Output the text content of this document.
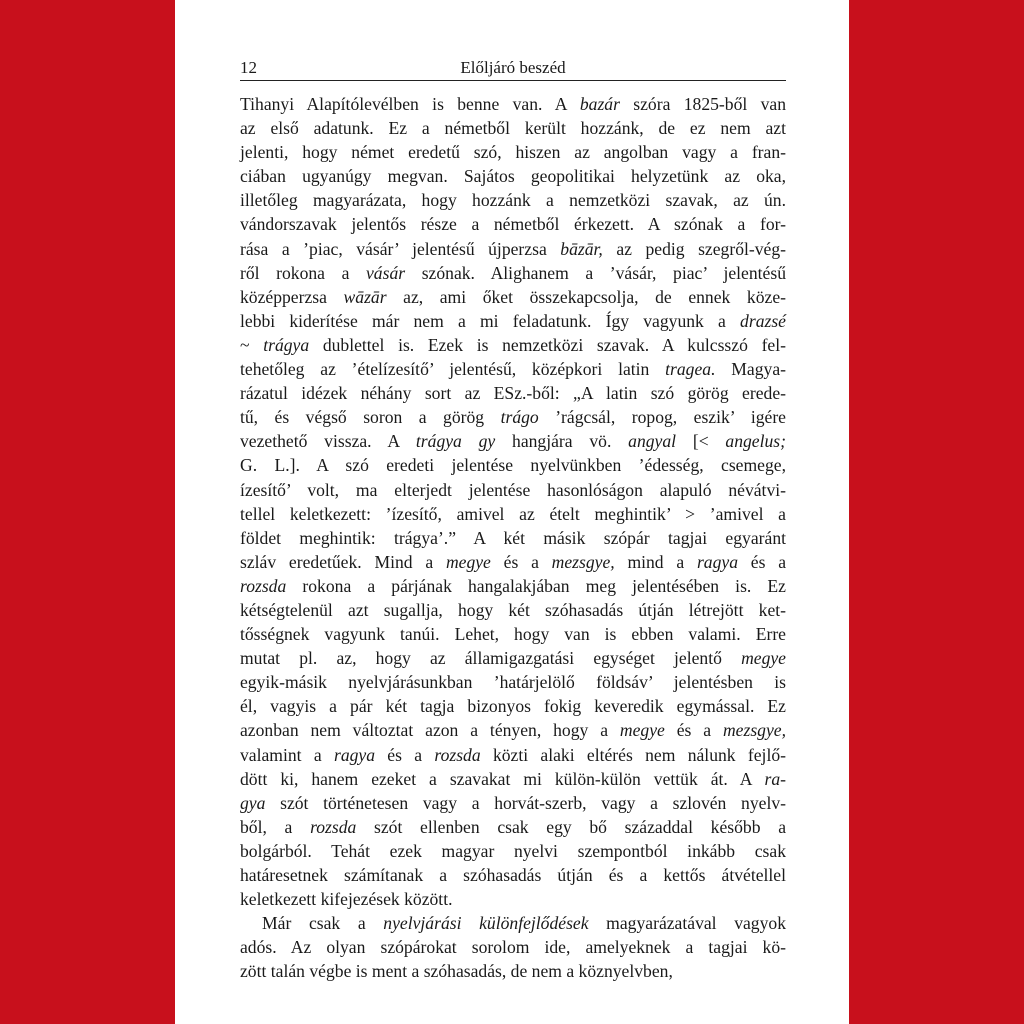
12	Előljáró beszéd
Tihanyi Alapítólevélben is benne van. A bazár szóra 1825-ből van
az első adatunk. Ez a németből került hozzánk, de ez nem azt
jelenti, hogy német eredetű szó, hiszen az angolban vagy a fran-
ciában ugyanúgy megvan. Sajátos geopolitikai helyzetünk az oka,
illetőleg magyarázata, hogy hozzánk a nemzetközi szavak, az ún.
vándorszavak jelentős része a németből érkezett. A szónak a for-
rása a ’piac, vásár’ jelentésű újperzsa bāzār, az pedig szegről-vég-
ről rokona a vásár szónak. Alighanem a ’vásár, piac’ jelentésű
középperzsa wāzār az, ami őket összekapcsolja, de ennek köze-
lebbi kiderítése már nem a mi feladatunk. Így vagyunk a drazsé
~ trágya dublettel is. Ezek is nemzetközi szavak. A kulcsszó fel-
tehetőleg az ’ételízesítő’ jelentésű, középkori latin tragea. Magya-
rázatul idézek néhány sort az ESz.-ből: „A latin szó görög erede-
tű, és végső soron a görög trágo ’rágcsál, ropog, eszik’ igére
vezethető vissza. A trágya gy hangjára vö. angyal [< angelus;
G. L.]. A szó eredeti jelentése nyelvünkben ’édesség, csemege,
ízesítő’ volt, ma elterjedt jelentése hasonlóságon alapuló névátvi-
tellel keletkezett: ’ízesítő, amivel az ételt meghintik’ > ’amivel a
földet meghintik: trágya’.” A két másik szópár tagjai egyaránt
szláv eredetűek. Mind a megye és a mezsgye, mind a ragya és a
rozsda rokona a párjának hangalakjában meg jelentésében is. Ez
kétségtelenül azt sugallja, hogy két szóhasadás útján létrejött ket-
tősségnek vagyunk tanúi. Lehet, hogy van is ebben valami. Erre
mutat pl. az, hogy az államigazgatási egységet jelentő megye
egyik-másik nyelvjárásunkban ’határjelölő földsáv’ jelentésben is
él, vagyis a pár két tagja bizonyos fokig keveredik egymással. Ez
azonban nem változtat azon a tényen, hogy a megye és a mezsgye,
valamint a ragya és a rozsda közti alaki eltérés nem nálunk fejlő-
dött ki, hanem ezeket a szavakat mi külön-külön vettük át. A ra-
gya szót történetesen vagy a horvát-szerb, vagy a szlovén nyelv-
ből, a rozsda szót ellenben csak egy bő századdal később a
bolgárból. Tehát ezek magyar nyelvi szempontból inkább csak
határesetnek számítanak a szóhasadás útján és a kettős átvétellel
keletkezett kifejezések között.
Már csak a nyelvjárási különfejlődések magyarázatával vagyok
adós. Az olyan szópárokat sorolom ide, amelyeknek a tagjai kö-
zött talán végbe is ment a szóhasadás, de nem a köznyelvben,
